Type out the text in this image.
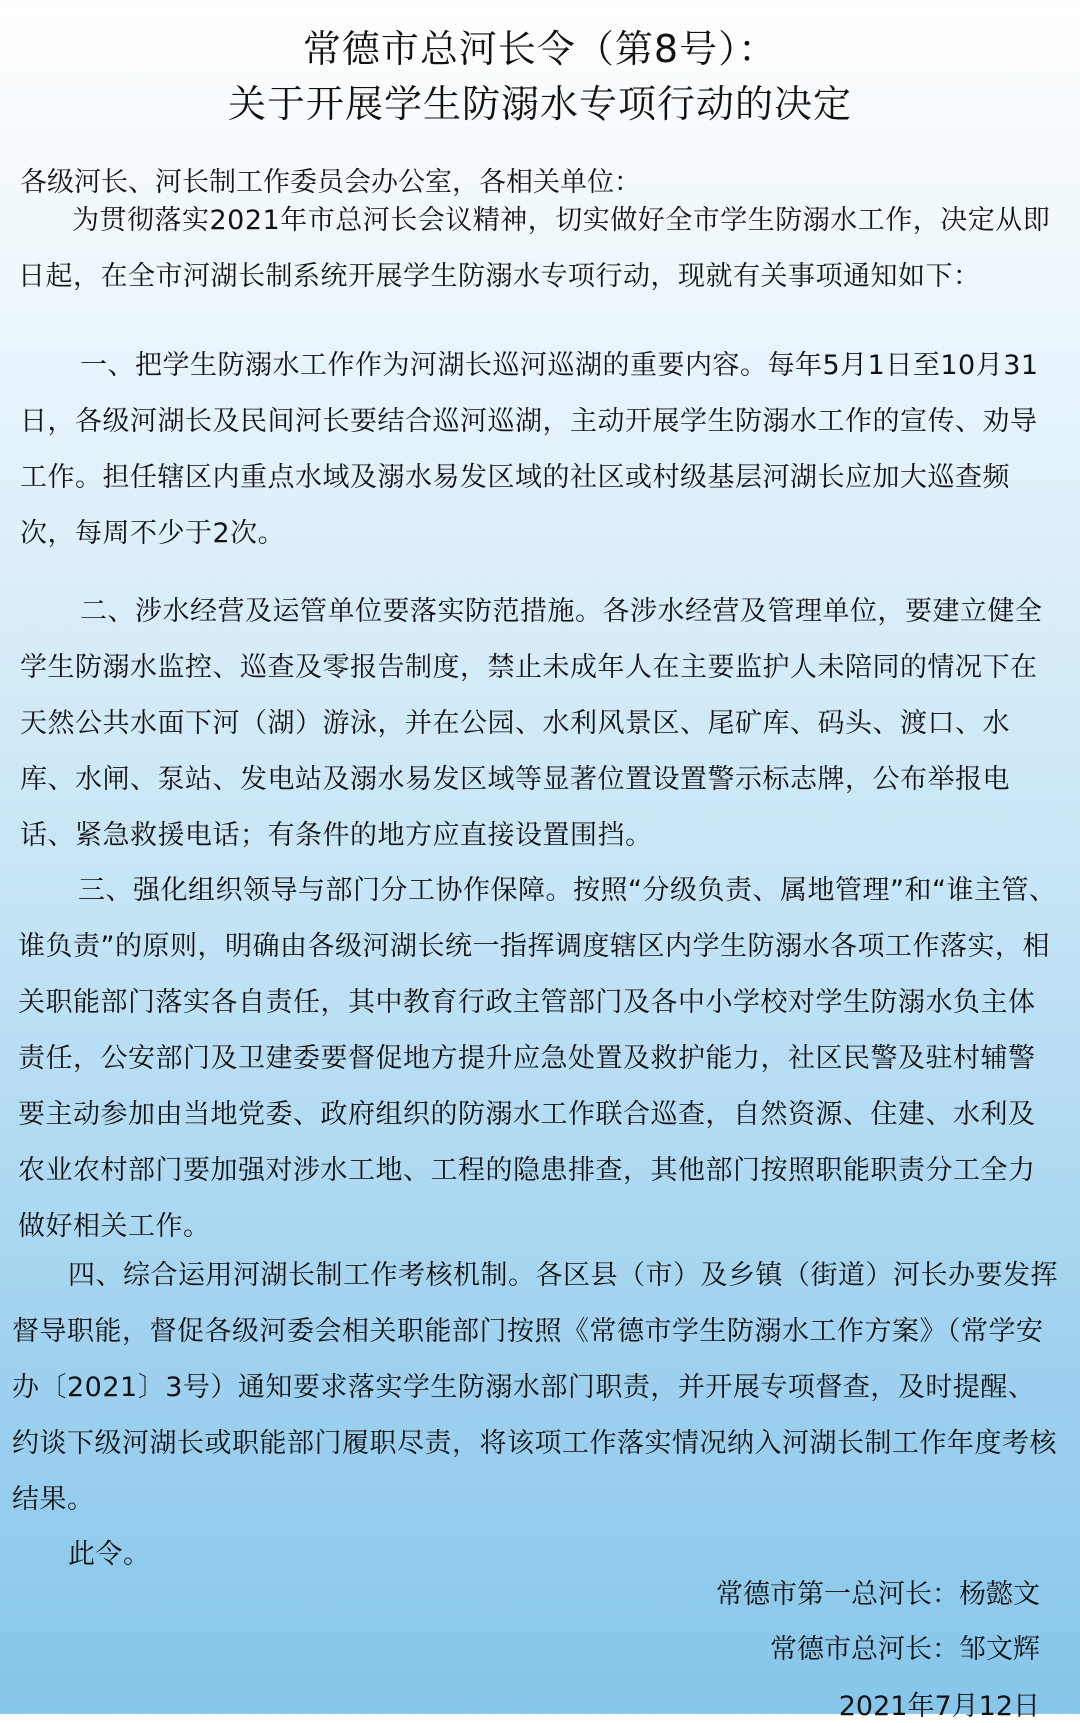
常德市总河长令（第8号）：
关于开展学生防溺水专项行动的决定
各级河长、河长制工作委员会办公室，各相关单位：

为贯彻落实2021年市总河长会议精神，切实做好全市学生防溺水工作，决定从即日起，在全市河湖长制系统开展学生防溺水专项行动，现就有关事项通知如下：

一、把学生防溺水工作作为河湖长巡河巡湖的重要内容。每年5月1日至10月31日，各级河湖长及民间河长要结合巡河巡湖，主动开展学生防溺水工作的宣传、劝导工作。担任辖区内重点水域及溺水易发区域的社区或村级基层河湖长应加大巡查频次，每周不少于2次。

二、涉水经营及运管单位要落实防范措施。各涉水经营及管理单位，要建立健全学生防溺水监控、巡查及零报告制度，禁止未成年人在主要监护人未陪同的情况下在天然公共水面下河（湖）游泳，并在公园、水利风景区、尾矿库、码头、渡口、水库、水闸、泵站、发电站及溺水易发区域等显著位置设置警示标志牌，公布举报电话、紧急救援电话；有条件的地方应直接设置围挡。

三、强化组织领导与部门分工协作保障。按照“分级负责、属地管理”和“谁主管、谁负责”的原则，明确由各级河湖长统一指挥调度辖区内学生防溺水各项工作落实，相关职能部门落实各自责任，其中教育行政主管部门及各中小学校对学生防溺水负主体责任，公安部门及卫建委要督促地方提升应急处置及救护能力，社区民警及驻村辅警要主动参加由当地党委、政府组织的防溺水工作联合巡查，自然资源、住建、水利及农业农村部门要加强对涉水工地、工程的隐患排查，其他部门按照职能职责分工全力做好相关工作。

四、综合运用河湖长制工作考核机制。各区县（市）及乡镇（街道）河长办要发挥督导职能，督促各级河委会相关职能部门按照《常德市学生防溺水工作方案》（常学安办〔2021〕3号）通知要求落实学生防溺水部门职责，并开展专项督查，及时提醒、约谈下级河湖长或职能部门履职尽责，将该项工作落实情况纳入河湖长制工作年度考核结果。

此令。

常德市第一总河长：杨懿文
常德市总河长：邹文辉
2021年7月12日
